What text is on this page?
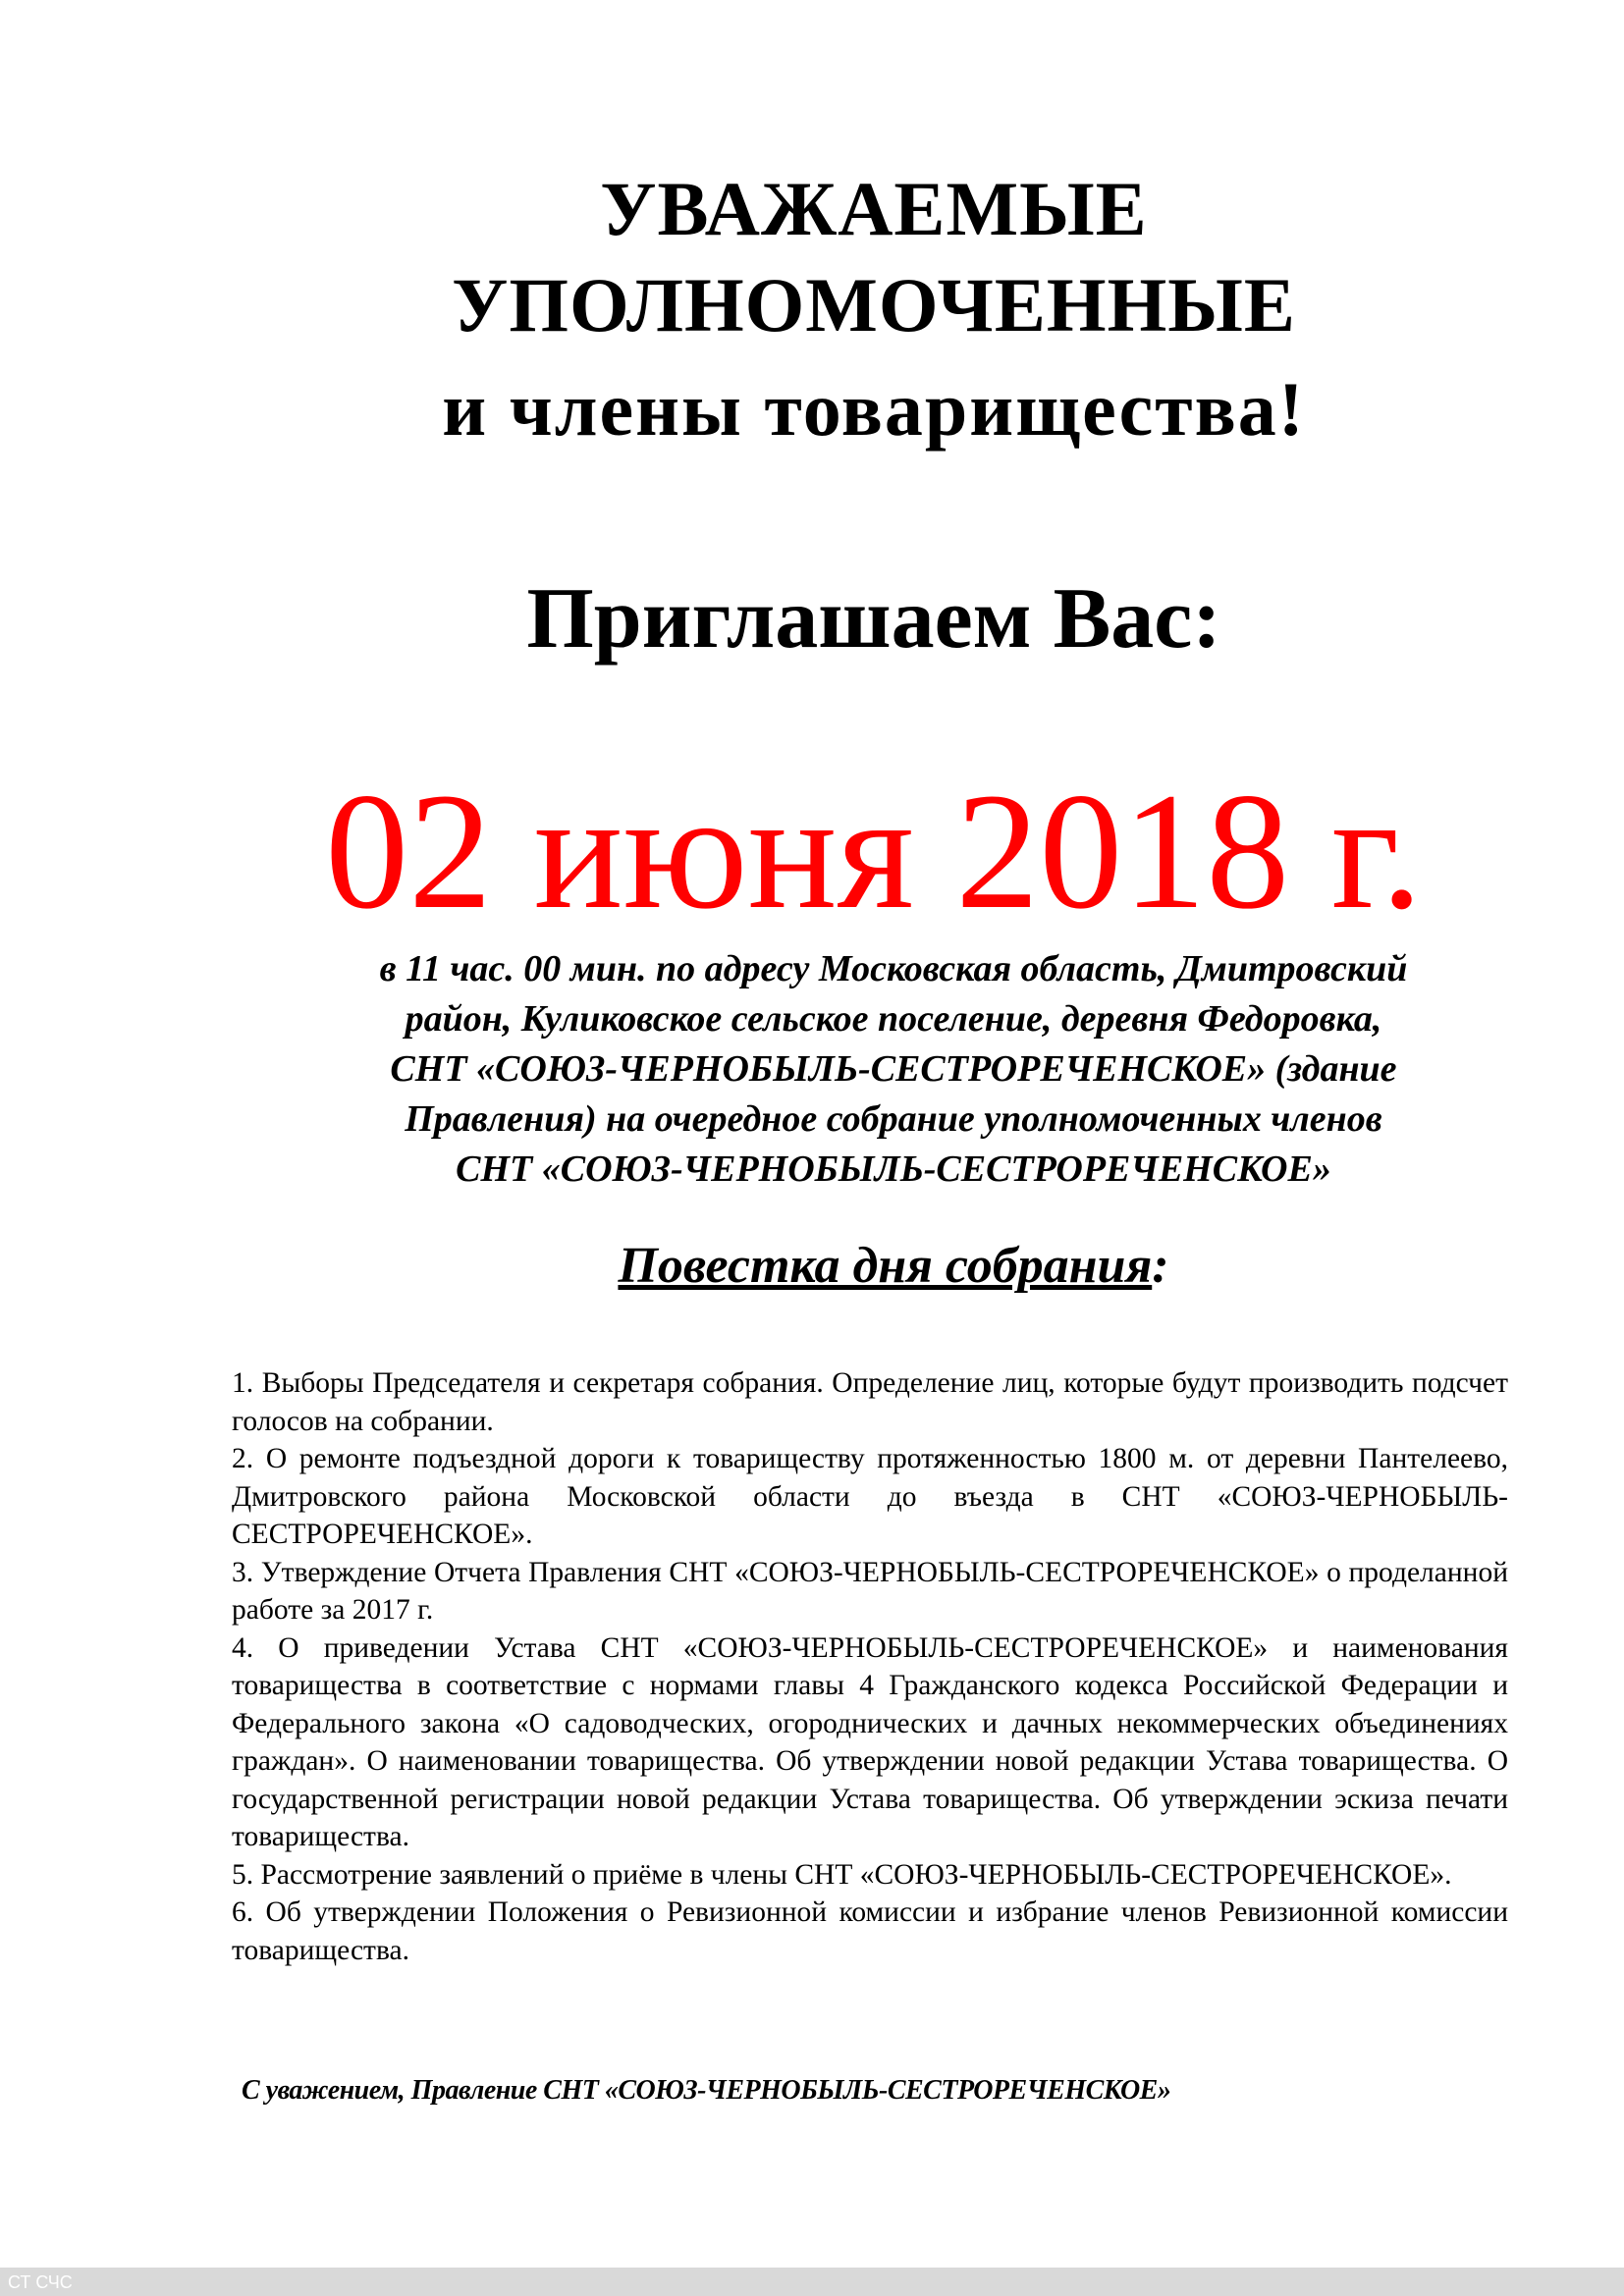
УВАЖАЕМЫЕ
УПОЛНОМОЧЕННЫЕ
и члены товарищества!
Приглашаем Вас:
02 июня 2018 г.
в 11 час. 00 мин. по адресу Московская область, Дмитровский
район, Куликовское сельское поселение, деревня Федоровка,
СНТ «СОЮЗ-ЧЕРНОБЫЛЬ-СЕСТРОРЕЧЕНСКОЕ» (здание
Правления) на очередное собрание уполномоченных членов
СНТ «СОЮЗ-ЧЕРНОБЫЛЬ-СЕСТРОРЕЧЕНСКОЕ»
Повестка дня собрания:

1. Выборы Председателя и секретаря собрания. Определение лиц, которые будут производить подсчет голосов на собрании.

2. О ремонте подъездной дороги к товариществу протяженностью 1800 м. от деревни Пантелеево, Дмитровского района Московской области до въезда в СНТ «СОЮЗ-ЧЕРНОБЫЛЬ-СЕСТРОРЕЧЕНСКОЕ».

3. Утверждение Отчета Правления СНТ «СОЮЗ-ЧЕРНОБЫЛЬ-СЕСТРОРЕЧЕНСКОЕ» о проделанной работе за 2017 г.

4. О приведении Устава СНТ «СОЮЗ-ЧЕРНОБЫЛЬ-СЕСТРОРЕЧЕНСКОЕ» и наименования товарищества в соответствие с нормами главы 4 Гражданского кодекса Российской Федерации и Федерального закона «О садоводческих, огороднических и дачных некоммерческих объединениях граждан». О наименовании товарищества. Об утверждении новой редакции Устава товарищества. О государственной регистрации новой редакции Устава товарищества. Об утверждении эскиза печати товарищества.

5. Рассмотрение заявлений о приёме в члены СНТ «СОЮЗ-ЧЕРНОБЫЛЬ-СЕСТРОРЕЧЕНСКОЕ».

6. Об утверждении Положения о Ревизионной комиссии и избрание членов Ревизионной комиссии товарищества.

С уважением, Правление СНТ «СОЮЗ-ЧЕРНОБЫЛЬ-СЕСТРОРЕЧЕНСКОЕ»
СТ СЧС
